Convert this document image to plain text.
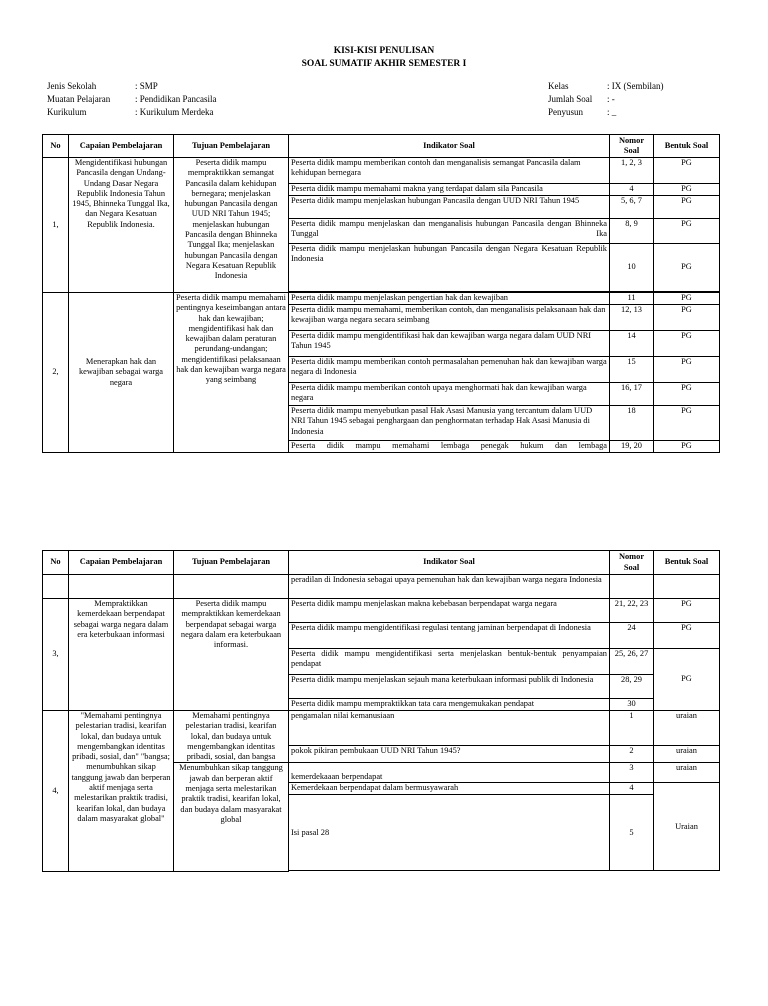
KISI-KISI PENULISAN
SOAL SUMATIF AKHIR SEMESTER I
Jenis Sekolah	: SMP
Muatan Pelajaran	: Pendidikan Pancasila
Kurikulum	: Kurikulum Merdeka
Kelas	: IX (Sembilan)
Jumlah Soal	: -
Penyusun	: _
No	Capaian Pembelajaran	Tujuan Pembelajaran	Indikator Soal	Nomor Soal	Bentuk Soal
1,	Mengidentifikasi hubungan Pancasila dengan Undang-Undang Dasar Negara Republik Indonesia Tahun 1945, Bhinneka Tunggal Ika, dan Negara Kesatuan Republik Indonesia.	Peserta didik mampu mempraktikkan semangat Pancasila dalam kehidupan bernegara; menjelaskan hubungan Pancasila dengan UUD NRI Tahun 1945; menjelaskan hubungan Pancasila dengan Bhinneka Tunggal Ika; menjelaskan hubungan Pancasila dengan Negara Kesatuan Republik Indonesia	Peserta didik mampu memberikan contoh dan menganalisis semangat Pancasila dalam kehidupan bernegara	1, 2, 3	PG
			Peserta didik mampu memahami makna yang terdapat dalam sila Pancasila	4	PG
			Peserta didik mampu menjelaskan hubungan Pancasila dengan UUD NRI Tahun 1945	5, 6, 7	PG
			Peserta didik mampu menjelaskan dan menganalisis hubungan Pancasila dengan Bhinneka Tunggal Ika	8, 9	PG
			Peserta didik mampu menjelaskan hubungan Pancasila dengan Negara Kesatuan Republik Indonesia	10	PG

2,	Menerapkan hak dan kewajiban sebagai warga negara	Peserta didik mampu memahami pentingnya keseimbangan antara hak dan kewajiban; mengidentifikasi hak dan kewajiban dalam peraturan perundang-undangan; mengidentifikasi pelaksanaan hak dan kewajiban warga negara yang seimbang	Peserta didik mampu menjelaskan pengertian hak dan kewajiban	11	PG
			Peserta didik mampu memahami, memberikan contoh, dan menganalisis pelaksanaan hak dan kewajiban warga negara secara seimbang	12, 13	PG
			Peserta didik mampu mengidentifikasi hak dan kewajiban warga negara dalam UUD NRI Tahun 1945	14	PG
			Peserta didik mampu memberikan contoh permasalahan pemenuhan hak dan kewajiban warga negara di Indonesia	15	PG
			Peserta didik mampu memberikan contoh upaya menghormati hak dan kewajiban warga negara	16, 17	PG
			Peserta didik mampu menyebutkan pasal Hak Asasi Manusia yang tercantum dalam UUD NRI Tahun 1945 sebagai penghargaan dan penghormatan terhadap Hak Asasi Manusia di Indonesia	18	PG
			Peserta didik mampu memahami lembaga penegak hukum dan lembaga	19, 20	PG
No	Capaian Pembelajaran	Tujuan Pembelajaran	Indikator Soal	Nomor Soal	Bentuk Soal
			peradilan di Indonesia sebagai upaya pemenuhan hak dan kewajiban warga negara Indonesia		
3,	Mempraktikkan kemerdekaan berpendapat sebagai warga negara dalam era keterbukaan informasi	Peserta didik mampu mempraktikkan kemerdekaan berpendapat sebagai warga negara dalam era keterbukaan informasi.	Peserta didik mampu menjelaskan makna kebebasan berpendapat warga negara	21, 22, 23	PG
			Peserta didik mampu mengidentifikasi regulasi tentang jaminan berpendapat di Indonesia	24	PG
			Peserta didik mampu mengidentifikasi serta menjelaskan bentuk-bentuk penyampaian pendapat	25, 26, 27	PG
			Peserta didik mampu menjelaskan sejauh mana keterbukaan informasi publik di Indonesia	28, 29	
			Peserta didik mampu mempraktikkan tata cara mengemukakan pendapat	30	
4,	"Memahami pentingnya pelestarian tradisi, kearifan lokal, dan budaya untuk mengembangkan identitas pribadi, sosial, dan" "bangsa; menumbuhkan sikap tanggung jawab dan berperan aktif menjaga serta melestarikan praktik tradisi, kearifan lokal, dan budaya dalam masyarakat global"	Memahami pentingnya pelestarian tradisi, kearifan lokal, dan budaya untuk mengembangkan identitas pribadi, sosial, dan bangsa	pengamalan nilai kemanusiaan	1	uraian
			pokok pikiran pembukaan UUD NRI Tahun 1945?	2	uraian
		Menumbuhkan sikap tanggung jawab dan berperan aktif menjaga serta melestarikan praktik tradisi, kearifan lokal, dan budaya dalam masyarakat global	kemerdekaaan berpendapat	3	uraian
			Kemerdekaan berpendapat dalam bermusyawarah	4	Uraian
			Isi pasal 28	5	
